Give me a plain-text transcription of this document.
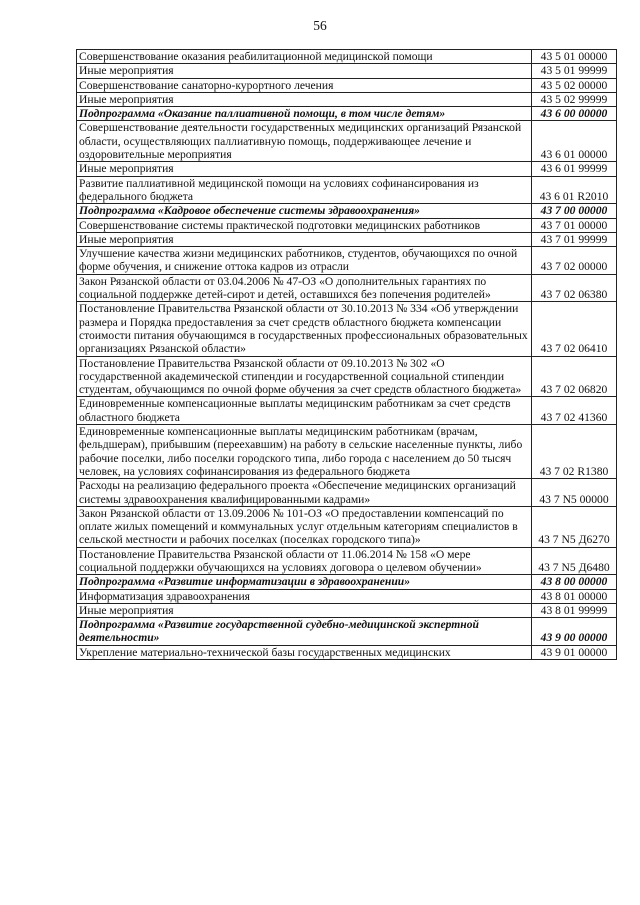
56
Совершенствование оказания реабилитационной медицинской помощи	43 5 01 00000
Иные мероприятия	43 5 01 99999
Совершенствование санаторно-курортного лечения	43 5 02 00000
Иные мероприятия	43 5 02 99999
Подпрограмма «Оказание паллиативной помощи, в том числе детям»	43 6 00 00000
Совершенствование деятельности государственных медицинских организаций Рязанской области, осуществляющих паллиативную помощь, поддерживающее лечение и оздоровительные мероприятия	43 6 01 00000
Иные мероприятия	43 6 01 99999
Развитие паллиативной медицинской помощи на условиях софинансирования из федерального бюджета	43 6 01 R2010
Подпрограмма «Кадровое обеспечение системы здравоохранения»	43 7 00 00000
Совершенствование системы практической подготовки медицинских работников	43 7 01 00000
Иные мероприятия	43 7 01 99999
Улучшение качества жизни медицинских работников, студентов, обучающихся по очной форме обучения, и снижение оттока кадров из отрасли	43 7 02 00000
Закон Рязанской области от 03.04.2006 № 47-ОЗ «О дополнительных гарантиях по социальной поддержке детей-сирот и детей, оставшихся без попечения родителей»	43 7 02 06380
Постановление Правительства Рязанской области от 30.10.2013 № 334 «Об утверждении размера и Порядка предоставления за счет средств областного бюджета компенсации стоимости питания обучающимся в государственных профессиональных образовательных организациях Рязанской области»	43 7 02 06410
Постановление Правительства Рязанской области от 09.10.2013 № 302 «О государственной академической стипендии и государственной социальной стипендии студентам, обучающимся по очной форме обучения за счет средств областного бюджета»	43 7 02 06820
Единовременные компенсационные выплаты медицинским работникам за счет средств областного бюджета	43 7 02 41360
Единовременные компенсационные выплаты медицинским работникам (врачам, фельдшерам), прибывшим (переехавшим) на работу в сельские населенные пункты, либо рабочие поселки, либо поселки городского типа, либо города с населением до 50 тысяч человек, на условиях софинансирования из федерального бюджета	43 7 02 R1380
Расходы на реализацию федерального проекта «Обеспечение медицинских организаций системы здравоохранения квалифицированными кадрами»	43 7 N5 00000
Закон Рязанской области от 13.09.2006 № 101-ОЗ «О предоставлении компенсаций по оплате жилых помещений и коммунальных услуг отдельным категориям специалистов в сельской местности и рабочих поселках (поселках городского типа)»	43 7 N5 Д6270
Постановление Правительства Рязанской области от 11.06.2014 № 158 «О мере социальной поддержки обучающихся на условиях договора о целевом обучении»	43 7 N5 Д6480
Подпрограмма «Развитие информатизации в здравоохранении»	43 8 00 00000
Информатизация здравоохранения	43 8 01 00000
Иные мероприятия	43 8 01 99999
Подпрограмма «Развитие государственной судебно-медицинской экспертной деятельности»	43 9 00 00000
Укрепление материально-технической базы государственных медицинских	43 9 01 00000
